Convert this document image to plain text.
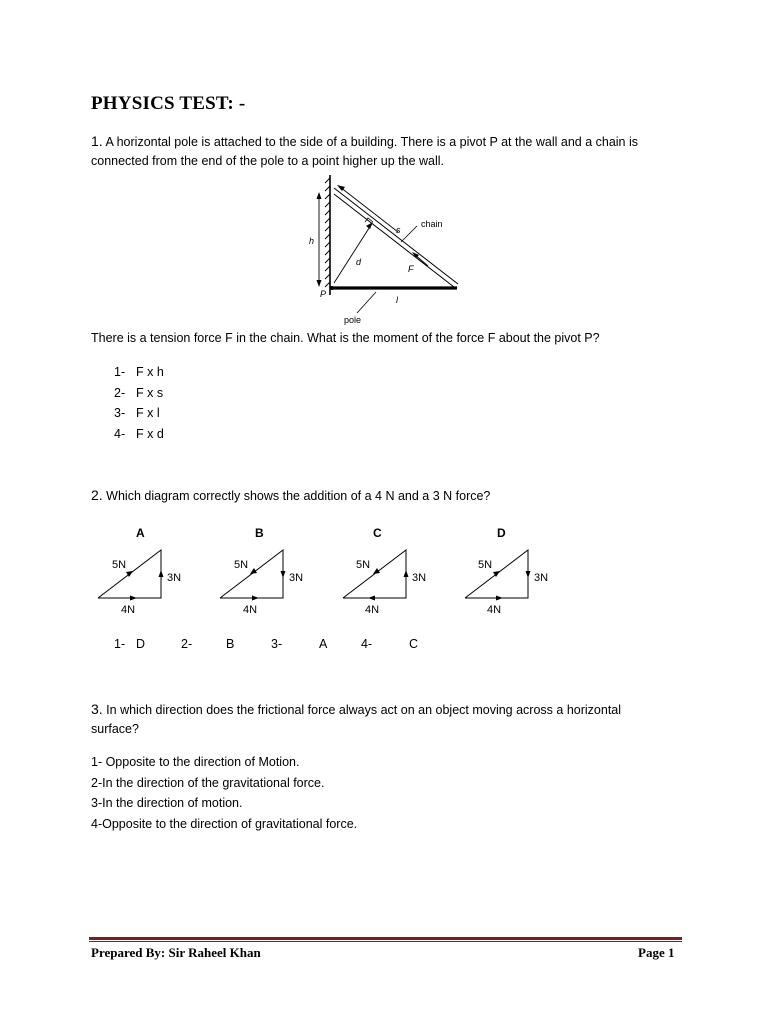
PHYSICS TEST: -
1. A horizontal pole is attached to the side of a building. There is a pivot P at the wall and a chain is
connected from the end of the pole to a point higher up the wall.
h
s
d
F
chain
P
l
pole
There is a tension force F in the chain. What is the moment of the force F about the pivot P?
1- F x h
2- F x s
3- F x l
4- F x d
2. Which diagram correctly shows the addition of a 4 N and a 3 N force?
A
5N
3N
4N
B
5N
3N
4N
C
5N
3N
4N
D
5N
3N
4N
1- D	2-	B	3-	A	4-	C
3. In which direction does the frictional force always act on an object moving across a horizontal
surface?
1- Opposite to the direction of Motion.
2-In the direction of the gravitational force.
3-In the direction of motion.
4-Opposite to the direction of gravitational force.
Prepared By: Sir Raheel Khan	Page 1
